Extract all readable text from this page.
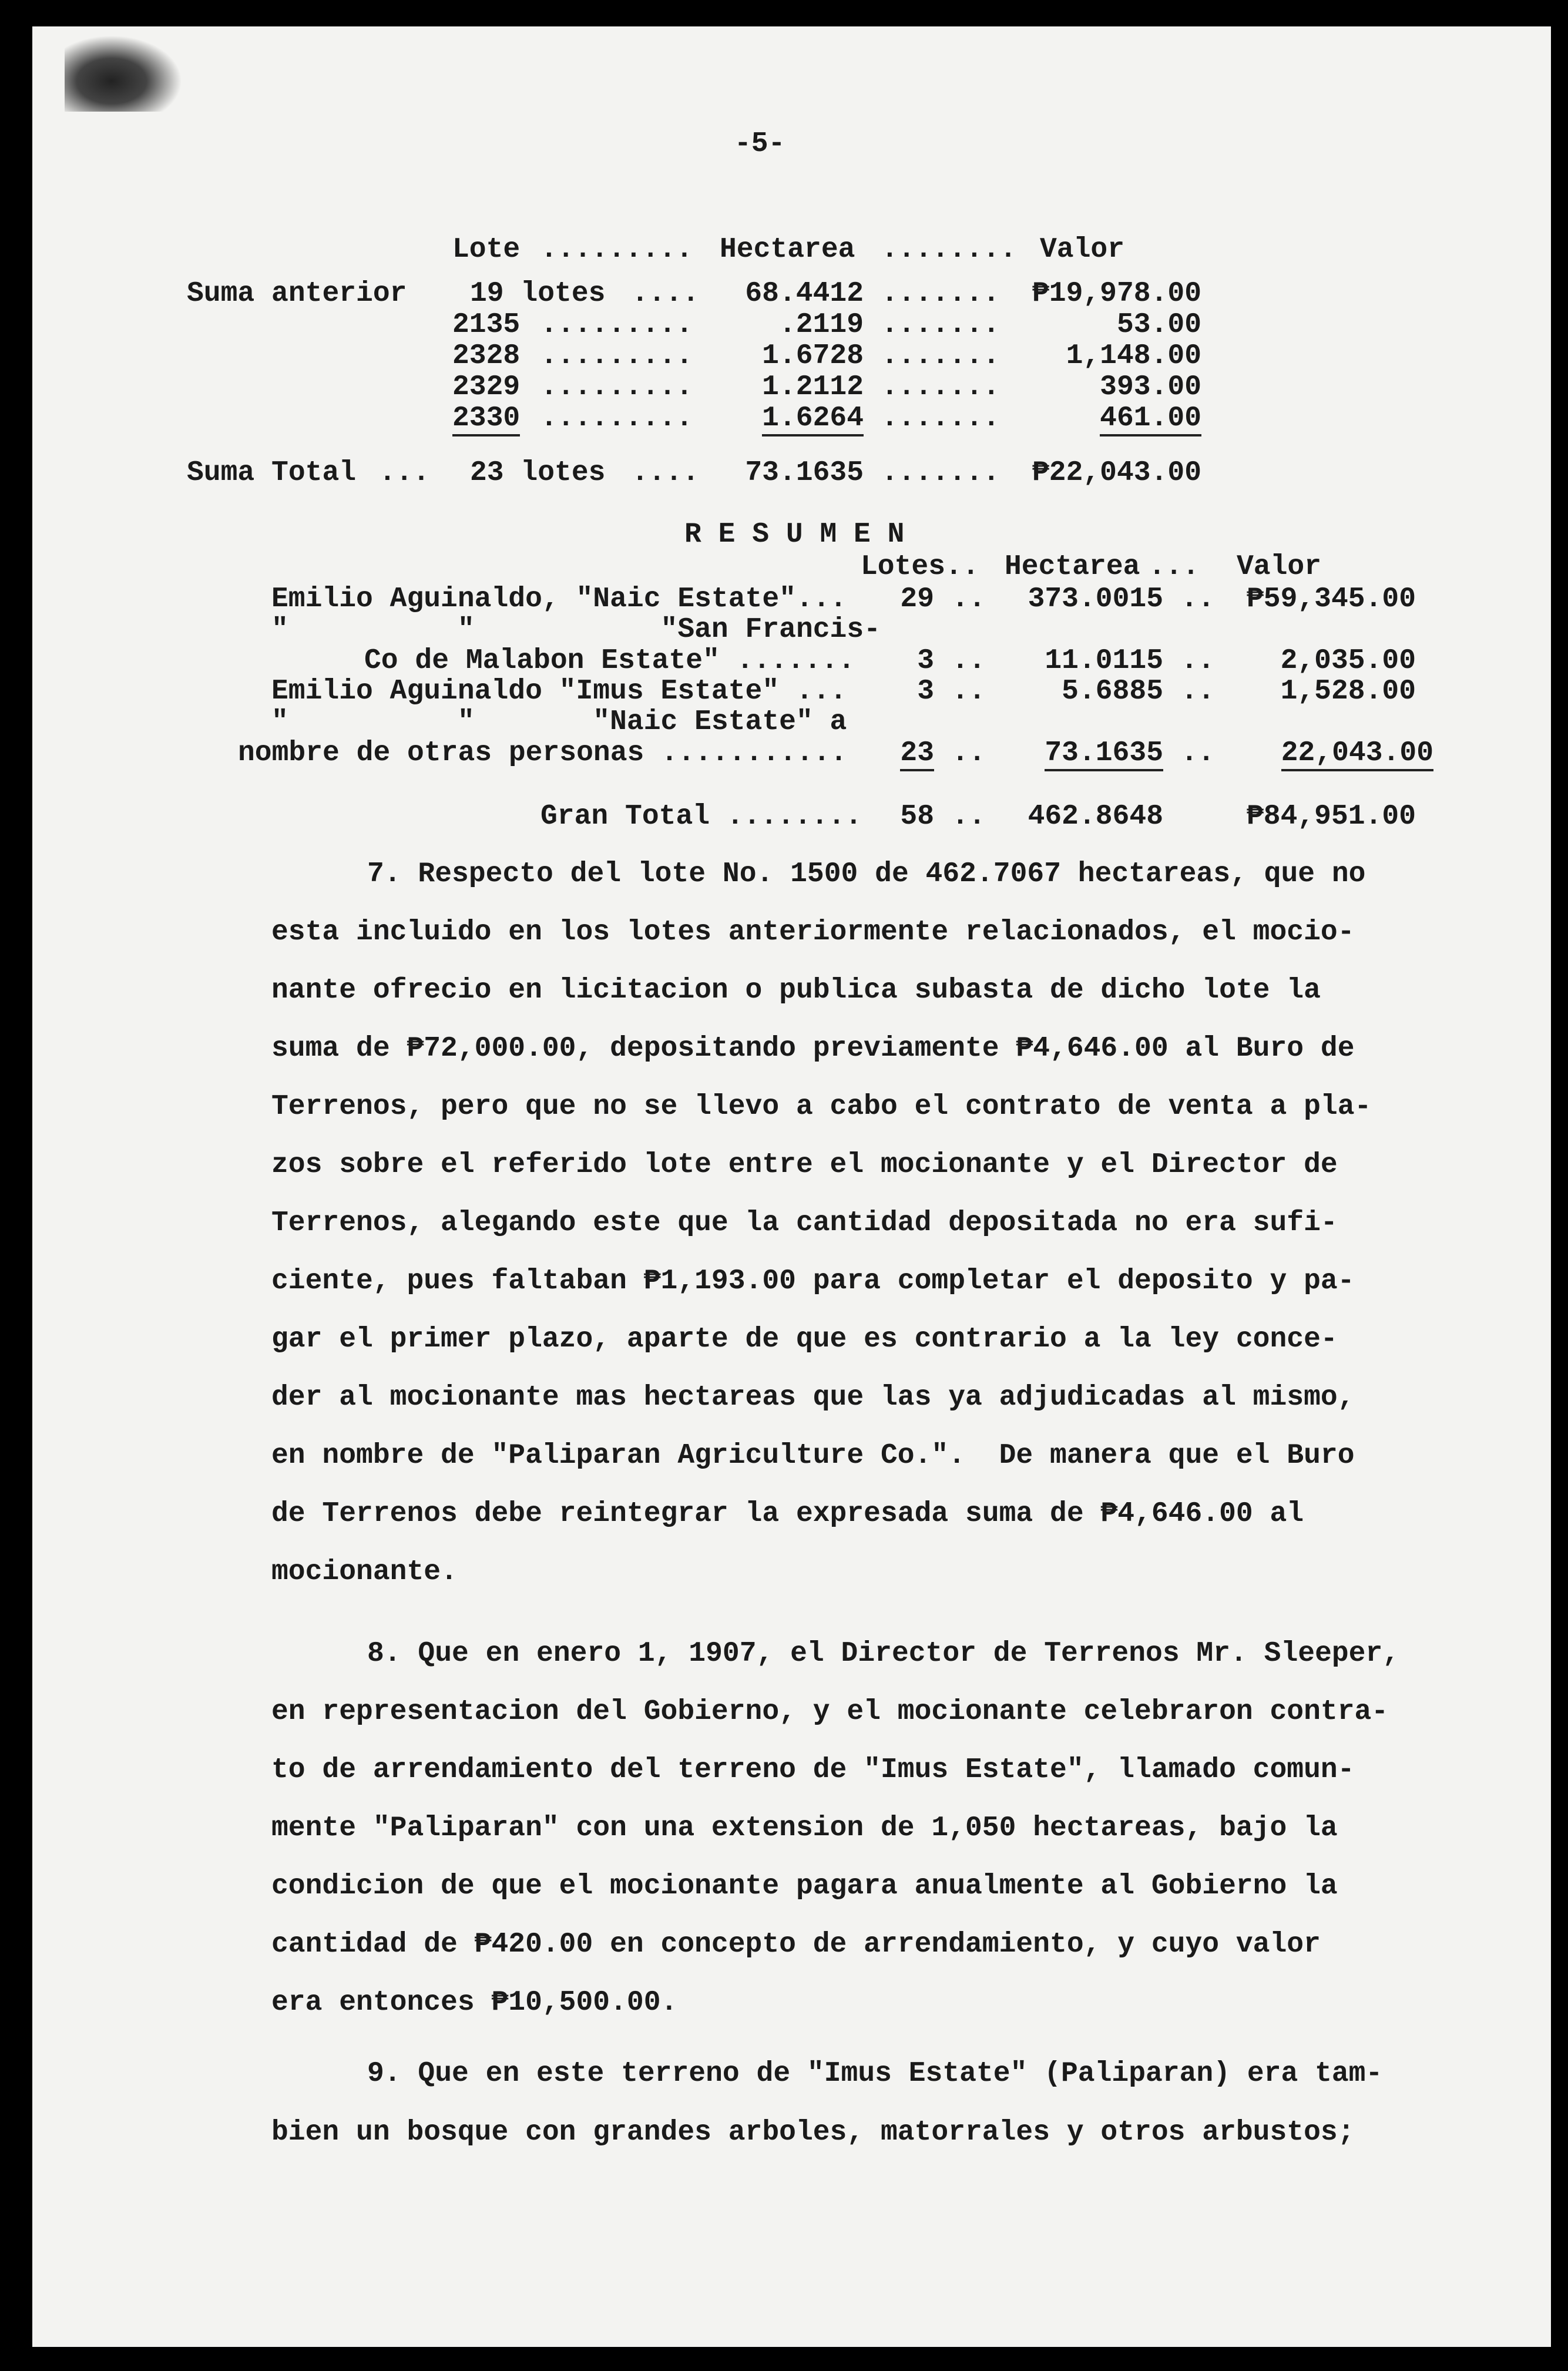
-5-
Lote ......... Hectarea ........ Valor
Suma anterior 19 lotes ....	68.4412 .......	₱19,978.00
2135 .........	.2119 .......	53.00
2328 .........	1.6728 .......	1,148.00
2329 .........	1.2112 .......	393.00
2330 .........	1.6264 .......	461.00
Suma Total ... 23 lotes ....	73.1635 .......	₱22,043.00
R E S U M E N
Lotes.. Hectarea ... Valor
Emilio Aguinaldo, "Naic Estate"...	29 ..	373.0015 ..	₱59,345.00
"          "           "San Francis-
Co de Malabon Estate" .......	3 ..	11.0115 ..	2,035.00
Emilio Aguinaldo "Imus Estate" ...	3 ..	5.6885 ..	1,528.00
"          "       "Naic Estate" a
nombre de otras personas ...........	23 ..	73.1635 ..	22,043.00
Gran Total ........	58 ..	462.8648	₱84,951.00
7. Respecto del lote No. 1500 de 462.7067 hectareas, que no
esta incluido en los lotes anteriormente relacionados, el mocio-
nante ofrecio en licitacion o publica subasta de dicho lote la
suma de ₱72,000.00, depositando previamente ₱4,646.00 al Buro de
Terrenos, pero que no se llevo a cabo el contrato de venta a pla-
zos sobre el referido lote entre el mocionante y el Director de
Terrenos, alegando este que la cantidad depositada no era sufi-
ciente, pues faltaban ₱1,193.00 para completar el deposito y pa-
gar el primer plazo, aparte de que es contrario a la ley conce-
der al mocionante mas hectareas que las ya adjudicadas al mismo,
en nombre de "Paliparan Agriculture Co.".  De manera que el Buro
de Terrenos debe reintegrar la expresada suma de ₱4,646.00 al
mocionante.
8. Que en enero 1, 1907, el Director de Terrenos Mr. Sleeper,
en representacion del Gobierno, y el mocionante celebraron contra-
to de arrendamiento del terreno de "Imus Estate", llamado comun-
mente "Paliparan" con una extension de 1,050 hectareas, bajo la
condicion de que el mocionante pagara anualmente al Gobierno la
cantidad de ₱420.00 en concepto de arrendamiento, y cuyo valor
era entonces ₱10,500.00.
9. Que en este terreno de "Imus Estate" (Paliparan) era tam-
bien un bosque con grandes arboles, matorrales y otros arbustos;
